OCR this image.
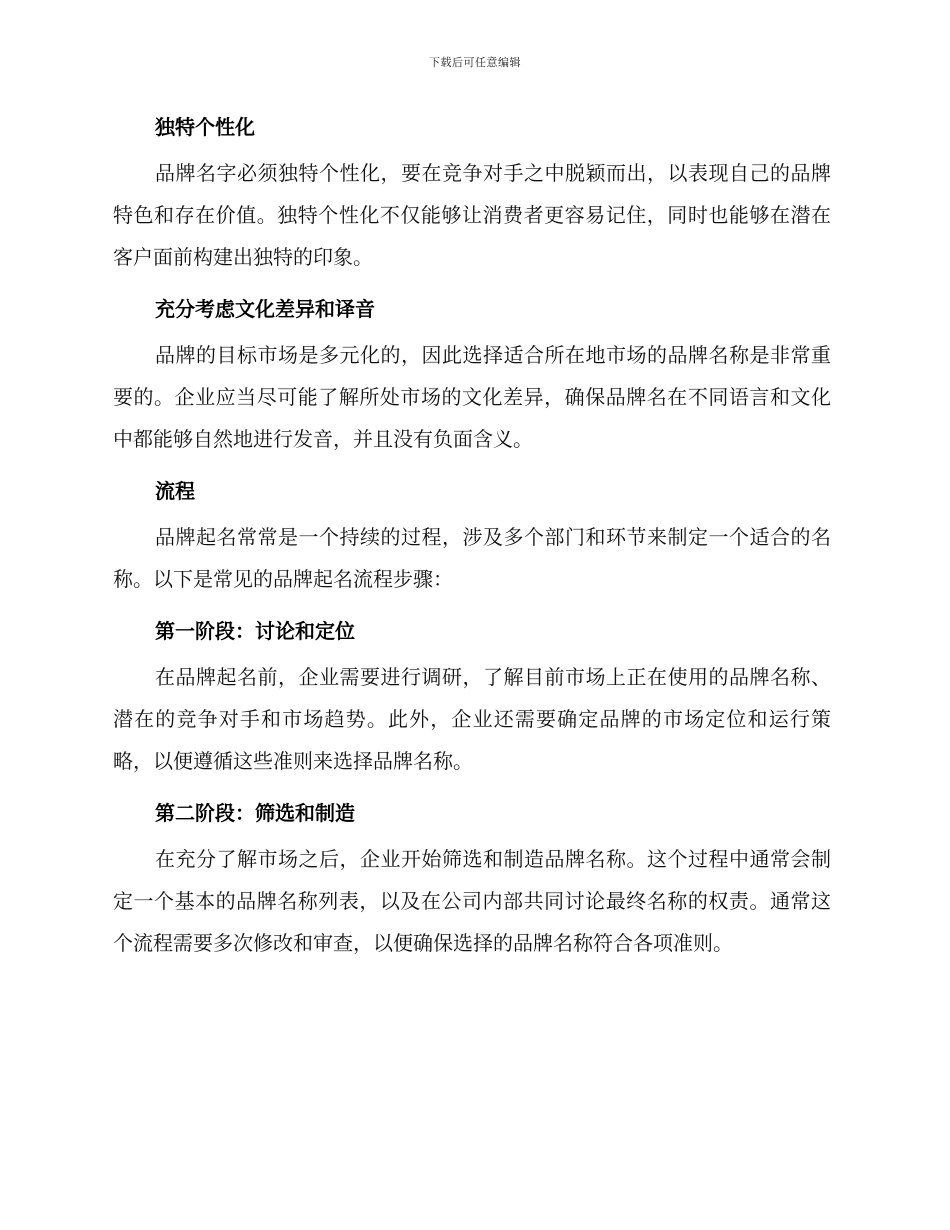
下载后可任意编辑
独特个性化

品牌名字必须独特个性化，要在竞争对手之中脱颖而出，以表现自己的品牌特色和存在价值。独特个性化不仅能够让消费者更容易记住，同时也能够在潜在客户面前构建出独特的印象。

充分考虑文化差异和译音

品牌的目标市场是多元化的，因此选择适合所在地市场的品牌名称是非常重要的。企业应当尽可能了解所处市场的文化差异，确保品牌名在不同语言和文化中都能够自然地进行发音，并且没有负面含义。

流程

品牌起名常常是一个持续的过程，涉及多个部门和环节来制定一个适合的名称。以下是常见的品牌起名流程步骤：

第一阶段：讨论和定位

在品牌起名前，企业需要进行调研，了解目前市场上正在使用的品牌名称、潜在的竞争对手和市场趋势。此外，企业还需要确定品牌的市场定位和运行策略，以便遵循这些准则来选择品牌名称。

第二阶段：筛选和制造

在充分了解市场之后，企业开始筛选和制造品牌名称。这个过程中通常会制定一个基本的品牌名称列表，以及在公司内部共同讨论最终名称的权责。通常这个流程需要多次修改和审查，以便确保选择的品牌名称符合各项准则。
